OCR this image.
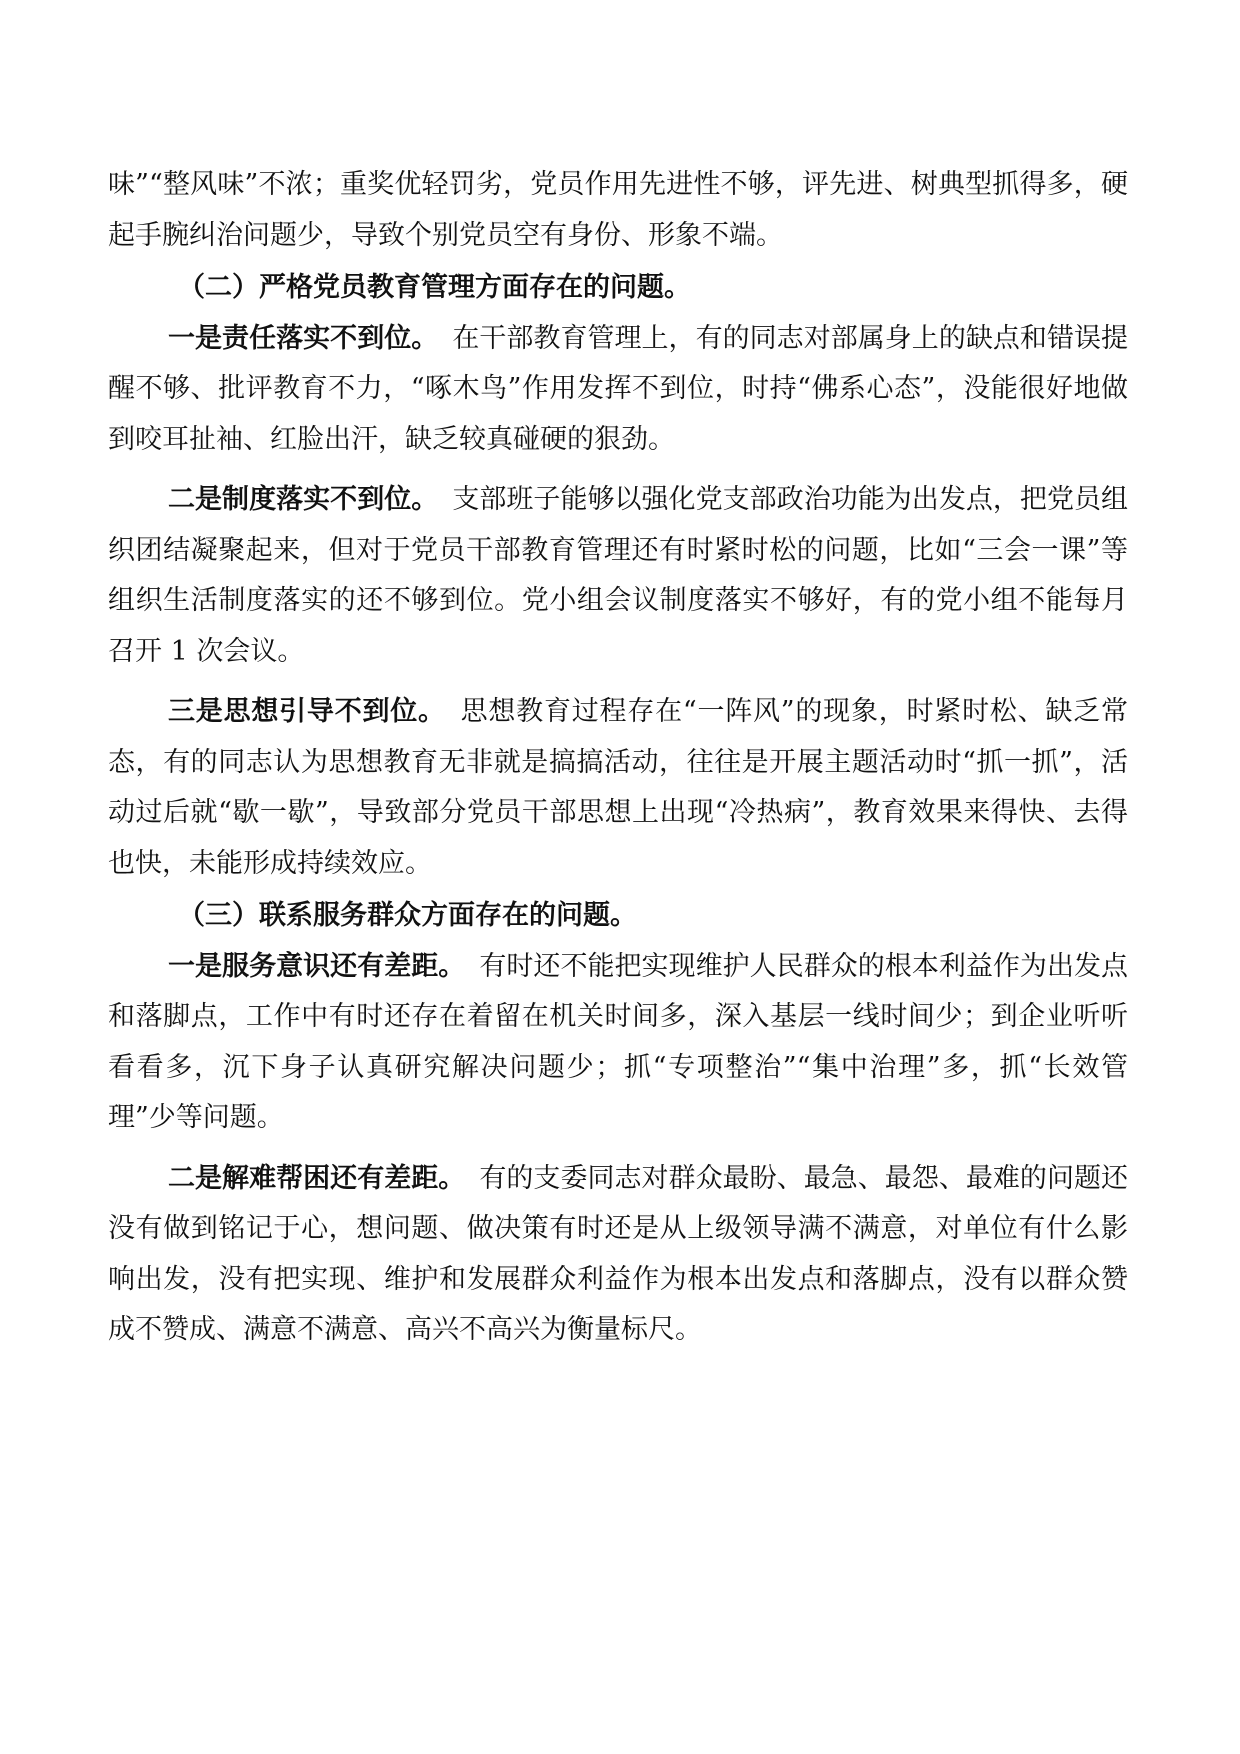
味”“整风味”不浓；重奖优轻罚劣，党员作用先进性不够，评先进、树典型抓得多，硬起手腕纠治问题少，导致个别党员空有身份、形象不端。

（二）严格党员教育管理方面存在的问题。

一是责任落实不到位。 在干部教育管理上，有的同志对部属身上的缺点和错误提醒不够、批评教育不力，“啄木鸟”作用发挥不到位，时持“佛系心态”，没能很好地做到咬耳扯袖、红脸出汗，缺乏较真碰硬的狠劲。

二是制度落实不到位。 支部班子能够以强化党支部政治功能为出发点，把党员组织团结凝聚起来，但对于党员干部教育管理还有时紧时松的问题，比如“三会一课”等组织生活制度落实的还不够到位。党小组会议制度落实不够好，有的党小组不能每月召开 1 次会议。

三是思想引导不到位。 思想教育过程存在“一阵风”的现象，时紧时松、缺乏常态，有的同志认为思想教育无非就是搞搞活动，往往是开展主题活动时“抓一抓”，活动过后就“歇一歇”，导致部分党员干部思想上出现“冷热病”，教育效果来得快、去得也快，未能形成持续效应。

（三）联系服务群众方面存在的问题。

一是服务意识还有差距。 有时还不能把实现维护人民群众的根本利益作为出发点和落脚点，工作中有时还存在着留在机关时间多，深入基层一线时间少；到企业听听看看多，沉下身子认真研究解决问题少；抓“专项整治”“集中治理”多，抓“长效管理”少等问题。

二是解难帮困还有差距。 有的支委同志对群众最盼、最急、最怨、最难的问题还没有做到铭记于心，想问题、做决策有时还是从上级领导满不满意，对单位有什么影响出发，没有把实现、维护和发展群众利益作为根本出发点和落脚点，没有以群众赞成不赞成、满意不满意、高兴不高兴为衡量标尺。
